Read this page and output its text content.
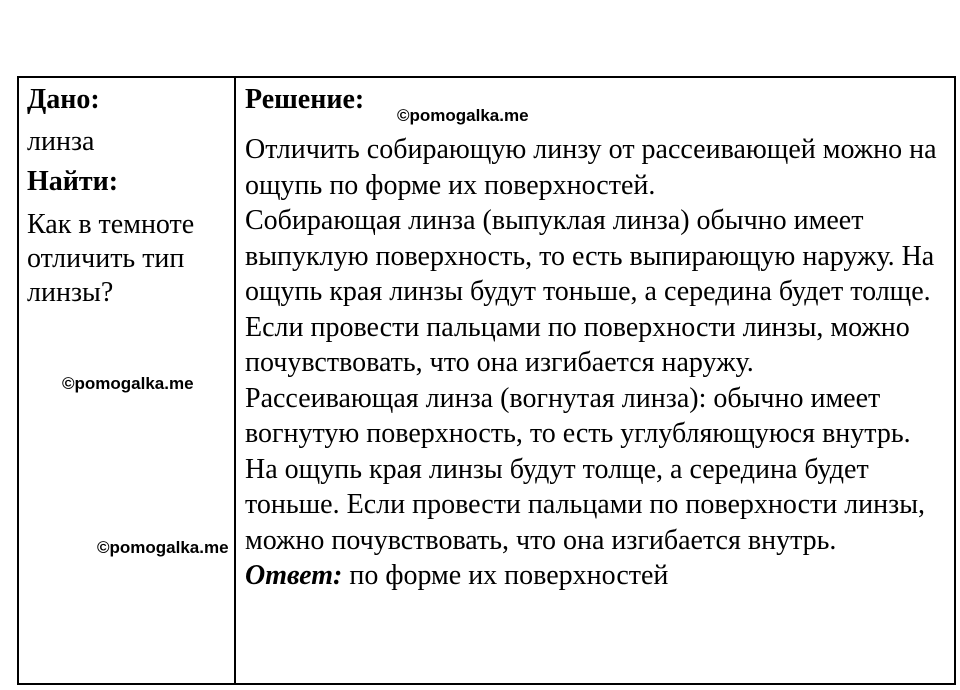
Дано:
линза
Найти:
Как в темноте отличить тип линзы?
Решение:
Отличить собирающую линзу от рассеивающей можно на ощупь по форме их поверхностей.
Собирающая линза (выпуклая линза) обычно имеет выпуклую поверхность, то есть выпирающую наружу. На ощупь края линзы будут тоньше, а середина будет толще. Если провести пальцами по поверхности линзы, можно почувствовать, что она изгибается наружу.
Рассеивающая линза (вогнутая линза): обычно имеет вогнутую поверхность, то есть углубляющуюся внутрь. На ощупь края линзы будут толще, а середина будет тоньше. Если провести пальцами по поверхности линзы, можно почувствовать, что она изгибается внутрь.
Ответ: по форме их поверхностей
©pomogalka.me
©pomogalka.me
©pomogalka.me
